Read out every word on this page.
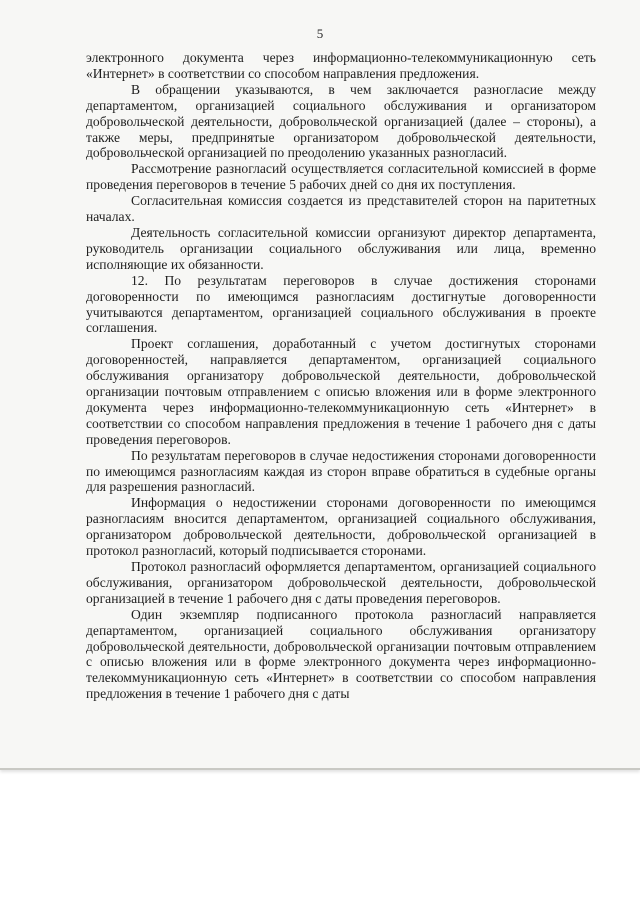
5

электронного документа через информационно-телекоммуникационную сеть «Интернет» в соответствии со способом направления предложения.

В обращении указываются, в чем заключается разногласие между департаментом, организацией социального обслуживания и организатором добровольческой деятельности, добровольческой организацией (далее – стороны), а также меры, предпринятые организатором добровольческой деятельности, добровольческой организацией по преодолению указанных разногласий.

Рассмотрение разногласий осуществляется согласительной комиссией в форме проведения переговоров в течение 5 рабочих дней со дня их поступления.

Согласительная комиссия создается из представителей сторон на паритетных началах.

Деятельность согласительной комиссии организуют директор департамента, руководитель организации социального обслуживания или лица, временно исполняющие их обязанности.

12. По результатам переговоров в случае достижения сторонами договоренности по имеющимся разногласиям достигнутые договоренности учитываются департаментом, организацией социального обслуживания в проекте соглашения.

Проект соглашения, доработанный с учетом достигнутых сторонами договоренностей, направляется департаментом, организацией социального обслуживания организатору добровольческой деятельности, добровольческой организации почтовым отправлением с описью вложения или в форме электронного документа через информационно-телекоммуникационную сеть «Интернет» в соответствии со способом направления предложения в течение 1 рабочего дня с даты проведения переговоров.

По результатам переговоров в случае недостижения сторонами договоренности по имеющимся разногласиям каждая из сторон вправе обратиться в судебные органы для разрешения разногласий.

Информация о недостижении сторонами договоренности по имеющимся разногласиям вносится департаментом, организацией социального обслуживания, организатором добровольческой деятельности, добровольческой организацией в протокол разногласий, который подписывается сторонами.

Протокол разногласий оформляется департаментом, организацией социального обслуживания, организатором добровольческой деятельности, добровольческой организацией в течение 1 рабочего дня с даты проведения переговоров.

Один экземпляр подписанного протокола разногласий направляется департаментом, организацией социального обслуживания организатору добровольческой деятельности, добровольческой организации почтовым отправлением с описью вложения или в форме электронного документа через информационно-телекоммуникационную сеть «Интернет» в соответствии со способом направления предложения в течение 1 рабочего дня с даты
